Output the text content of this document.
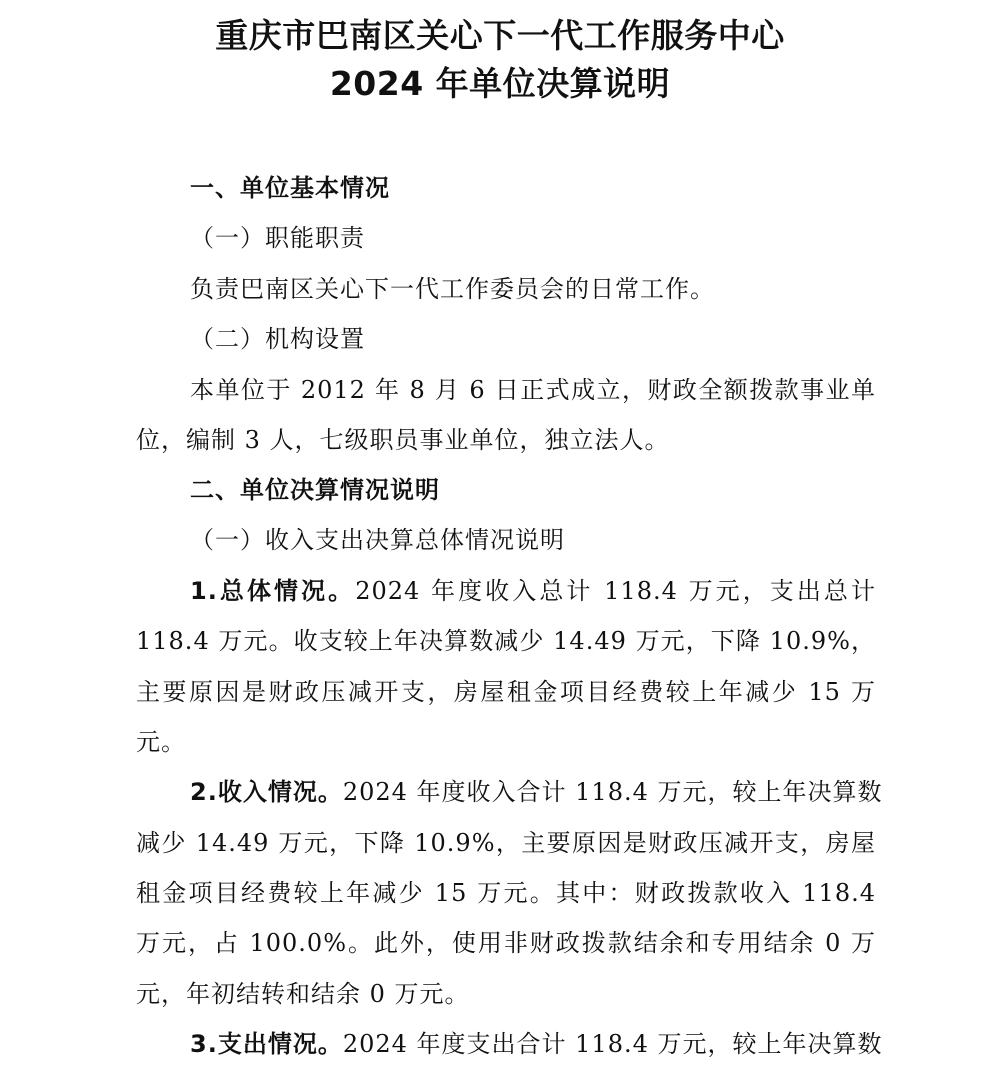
重庆市巴南区关心下一代工作服务中心
2024 年单位决算说明
一、单位基本情况
（一）职能职责
负责巴南区关心下一代工作委员会的日常工作。
（二）机构设置
本单位于 2012 年 8 月 6 日正式成立，财政全额拨款事业单
位，编制 3 人，七级职员事业单位，独立法人。
二、单位决算情况说明
（一）收入支出决算总体情况说明
1.总体情况。2024 年度收入总计 118.4 万元，支出总计
118.4 万元。收支较上年决算数减少 14.49 万元，下降 10.9%，
主要原因是财政压减开支，房屋租金项目经费较上年减少 15 万
元。
2.收入情况。2024 年度收入合计 118.4 万元，较上年决算数
减少 14.49 万元，下降 10.9%，主要原因是财政压减开支，房屋
租金项目经费较上年减少 15 万元。其中：财政拨款收入 118.4
万元，占 100.0%。此外，使用非财政拨款结余和专用结余 0 万
元，年初结转和结余 0 万元。
3.支出情况。2024 年度支出合计 118.4 万元，较上年决算数
